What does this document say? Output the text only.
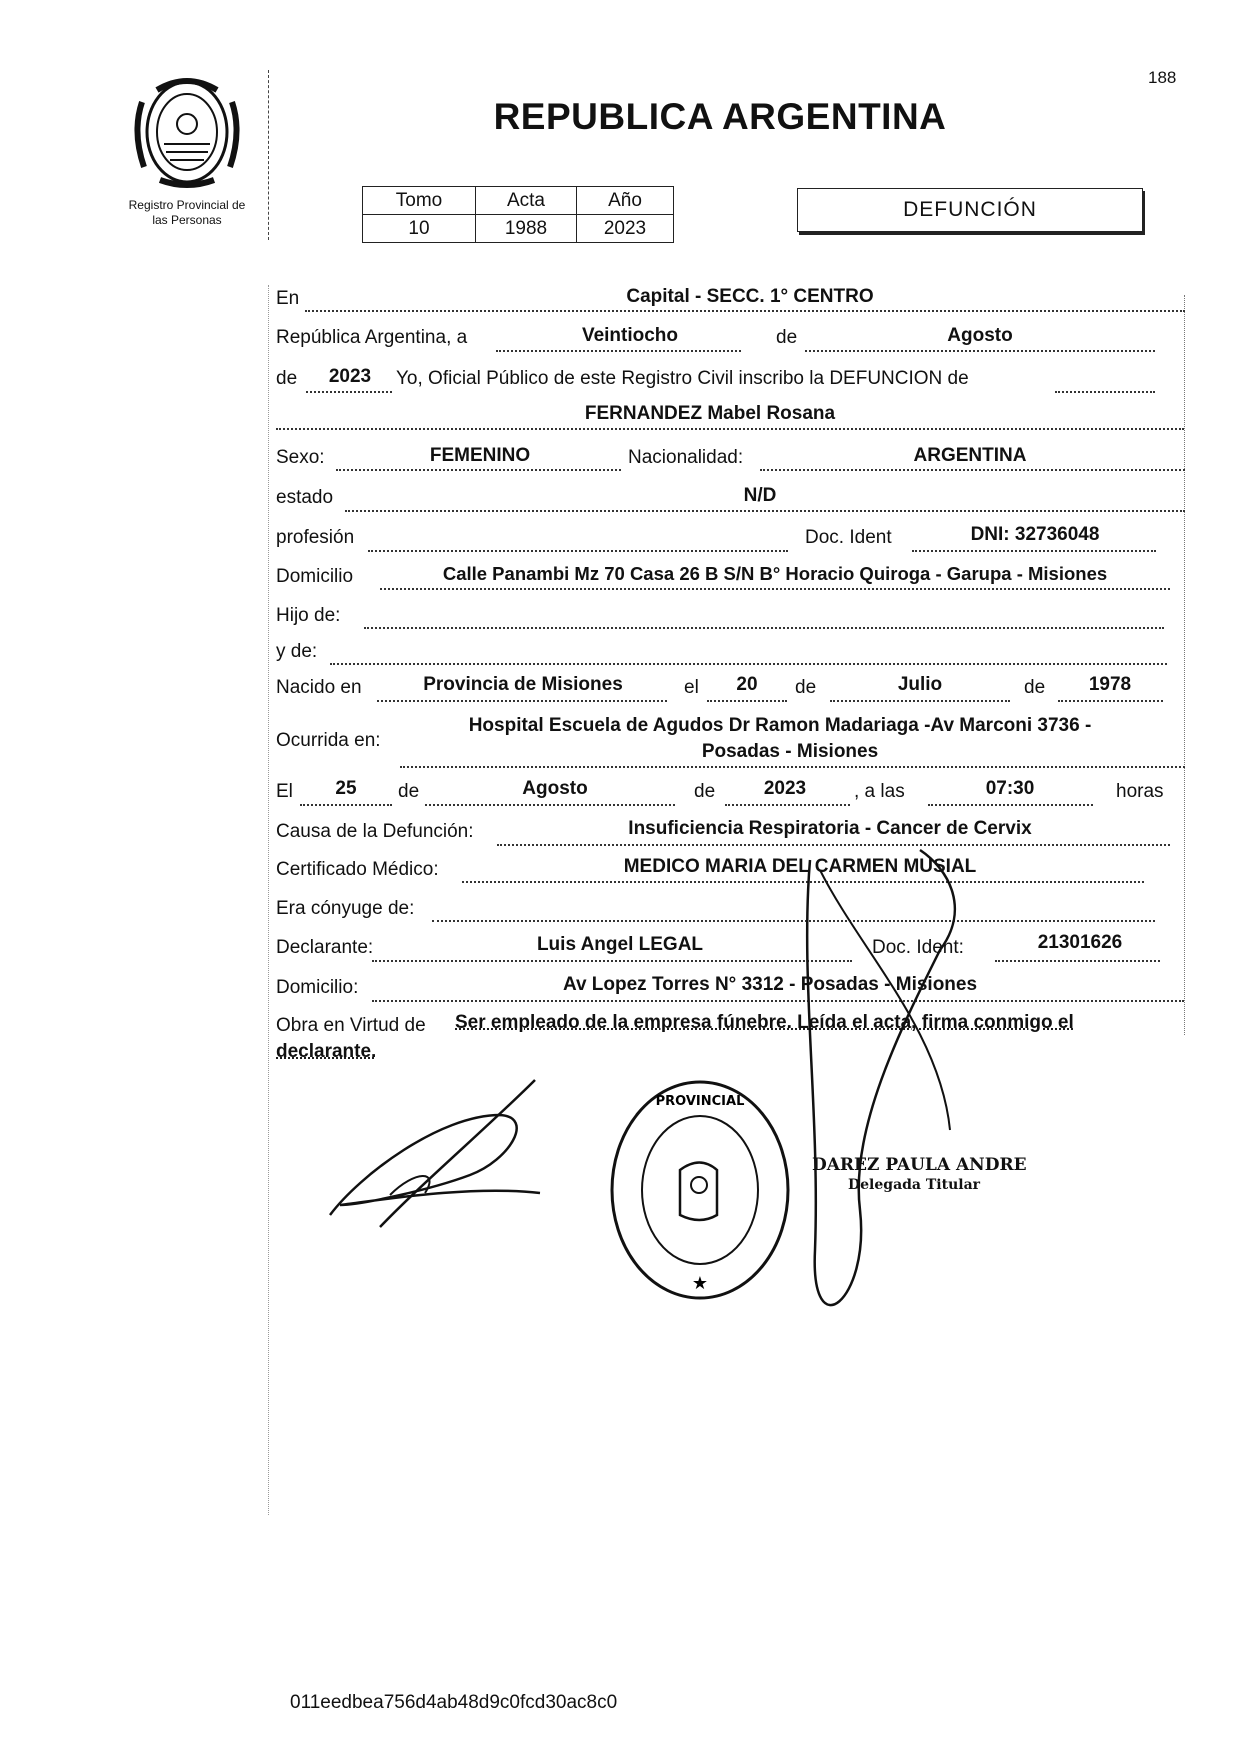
188
Registro Provincial de
las Personas
REPUBLICA ARGENTINA
Tomo	Acta	Año
10	1988	2023
DEFUNCIÓN
En	Capital - SECC. 1° CENTRO
República Argentina, a	Veintiocho	de	Agosto
de	2023	Yo, Oficial Público de este Registro Civil inscribo la DEFUNCION de
FERNANDEZ Mabel Rosana
Sexo:	FEMENINO	Nacionalidad:	ARGENTINA
estado	N/D
profesión	Doc. Ident	DNI: 32736048
Domicilio	Calle Panambi Mz 70 Casa 26 B S/N B° Horacio Quiroga - Garupa - Misiones
Hijo de:
y de:
Nacido en	Provincia de Misiones	el	20	de	Julio	de	1978
Hospital Escuela de Agudos Dr Ramon Madariaga -Av Marconi 3736 -
Ocurrida en:
Posadas - Misiones
El	25	de	Agosto	de	2023	, a las	07:30	horas
Causa de la Defunción:	Insuficiencia Respiratoria - Cancer de Cervix
Certificado Médico:	MEDICO MARIA DEL CARMEN MUSIAL
Era cónyuge de:
Declarante:	Luis Angel LEGAL	Doc. Ident:	21301626
Domicilio:	Av Lopez Torres N° 3312 - Posadas - Misiones
Obra en Virtud de Ser empleado de la empresa fúnebre. Leída el acta, firma conmigo el
declarante.
PROVINCIAL
★
DAREZ PAULA ANDRE
Delegada Titular
011eedbea756d4ab48d9c0fcd30ac8c0
